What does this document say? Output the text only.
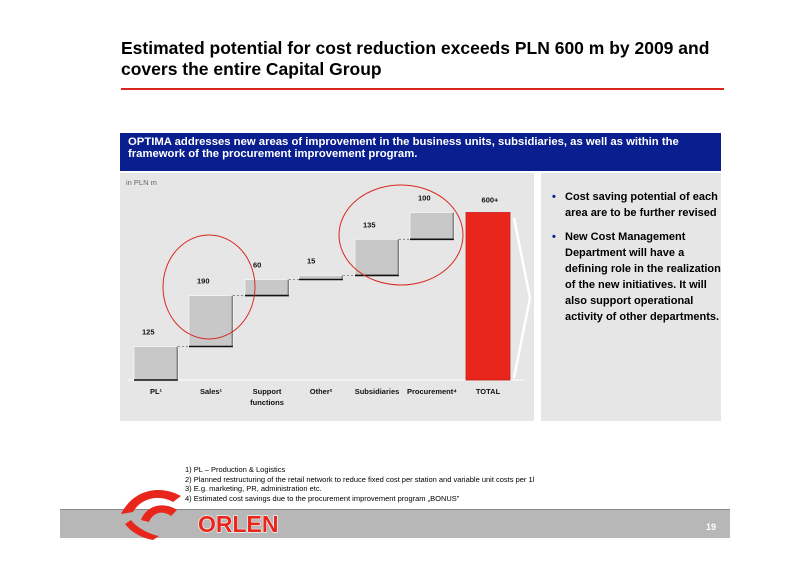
Estimated potential for cost reduction exceeds PLN 600 m by 2009 and covers the entire Capital Group
OPTIMA addresses new areas of improvement in the business units, subsidiaries, as well as within the framework of the procurement improvement program.
in PLN m
125
190
60	15
135
100	600+
PL¹	Sales¹	Support
functions
Other²	Subsidiaries Procurement⁴	TOTAL
• Cost saving potential of each area are to be further revised
• New Cost Management Department will have a defining role in the realization of the new initiatives. It will also support operational activity of other departments.
1) PL – Production & Logistics
2) Planned restructuring of the retail network to reduce fixed cost per station and variable unit costs per 1l
3) E.g. marketing, PR, administration etc.
4) Estimated cost savings due to the procurement improvement program „BONUS”
ORLEN	19
